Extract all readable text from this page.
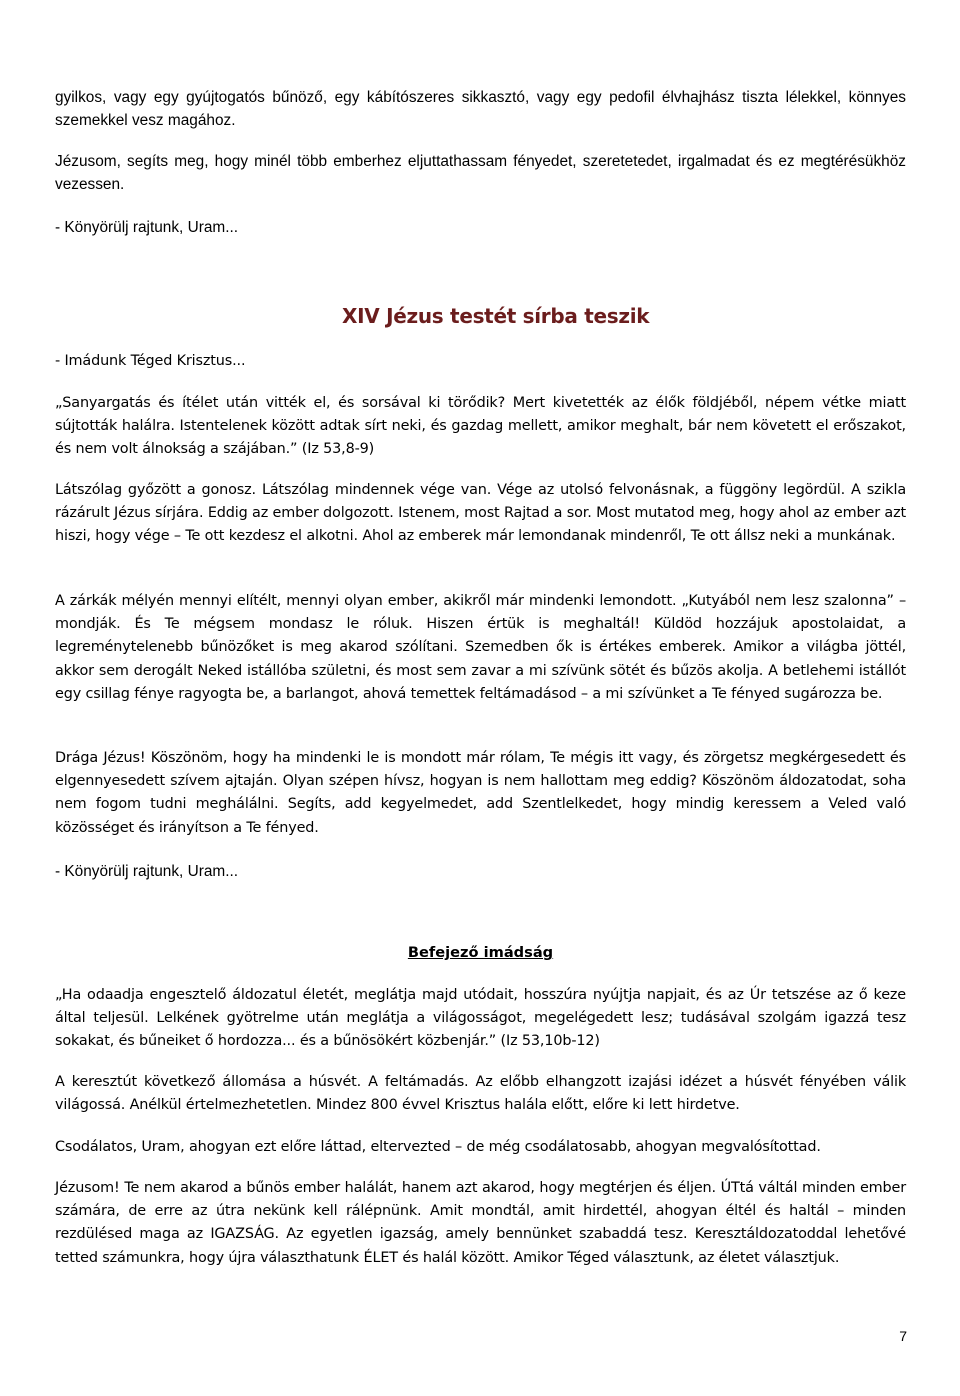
gyilkos, vagy egy gyújtogatós bűnöző, egy kábítószeres sikkasztó, vagy egy pedofil élvhajhász tiszta lélekkel, könnyes szemekkel vesz magához.

Jézusom, segíts meg, hogy minél több emberhez eljuttathassam fényedet, szeretetedet, irgalmadat és ez megtérésükhöz vezessen.

- Könyörülj rajtunk, Uram...

- Imádunk Téged Krisztus...

XIV Jézus testét sírba teszik

„Sanyargatás és ítélet után vitték el, és sorsával ki törődik? Mert kivetették az élők földjéből, népem vétke miatt sújtották halálra. Istentelenek között adtak sírt neki, és gazdag mellett, amikor meghalt, bár nem követett el erőszakot, és nem volt álnokság a szájában.” (Iz 53,8-9)

Látszólag győzött a gonosz. Látszólag mindennek vége van. Vége az utolsó felvonásnak, a függöny legördül. A szikla rázárult Jézus sírjára. Eddig az ember dolgozott. Istenem, most Rajtad a sor. Most mutatod meg, hogy ahol az ember azt hiszi, hogy vége – Te ott kezdesz el alkotni. Ahol az emberek már lemondanak mindenről, Te ott állsz neki a munkának.

A zárkák mélyén mennyi elítélt, mennyi olyan ember, akikről már mindenki lemondott. „Kutyából nem lesz szalonna” – mondják. És Te mégsem mondasz le róluk. Hiszen értük is meghaltál! Küldöd hozzájuk apostolaidat, a legreménytelenebb bűnözőket is meg akarod szólítani. Szemedben ők is értékes emberek. Amikor a világba jöttél, akkor sem derogált Neked istállóba születni, és most sem zavar a mi szívünk sötét és bűzös akolja. A betlehemi istállót egy csillag fénye ragyogta be, a barlangot, ahová temettek feltámadásod – a mi szívünket a Te fényed sugározza be.

Drága Jézus! Köszönöm, hogy ha mindenki le is mondott már rólam, Te mégis itt vagy, és zörgetsz megkérgesedett és elgennyesedett szívem ajtaján. Olyan szépen hívsz, hogyan is nem hallottam meg eddig? Köszönöm áldozatodat, soha nem fogom tudni meghálálni. Segíts, add kegyelmedet, add Szentlelkedet, hogy mindig keressem a Veled való közösséget és irányítson a Te fényed.

- Könyörülj rajtunk, Uram...

Befejező imádság

„Ha odaadja engesztelő áldozatul életét, meglátja majd utódait, hosszúra nyújtja napjait, és az Úr tetszése az ő keze által teljesül. Lelkének gyötrelme után meglátja a világosságot, megelégedett lesz; tudásával szolgám igazzá tesz sokakat, és bűneiket ő hordozza... és a bűnösökért közbenjár.” (Iz 53,10b-12)

A keresztút következő állomása a húsvét. A feltámadás. Az előbb elhangzott izajási idézet a húsvét fényében válik világossá. Anélkül értelmezhetetlen. Mindez 800 évvel Krisztus halála előtt, előre ki lett hirdetve.

Csodálatos, Uram, ahogyan ezt előre láttad, eltervezted – de még csodálatosabb, ahogyan megvalósítottad.

Jézusom! Te nem akarod a bűnös ember halálát, hanem azt akarod, hogy megtérjen és éljen. ÚTtá váltál minden ember számára, de erre az útra nekünk kell rálépnünk. Amit mondtál, amit hirdettél, ahogyan éltél és haltál – minden rezdülésed maga az IGAZSÁG. Az egyetlen igazság, amely bennünket szabaddá tesz. Keresztáldozatoddal lehetővé tetted számunkra, hogy újra választhatunk ÉLET és halál között. Amikor Téged választunk, az életet választjuk.

7
